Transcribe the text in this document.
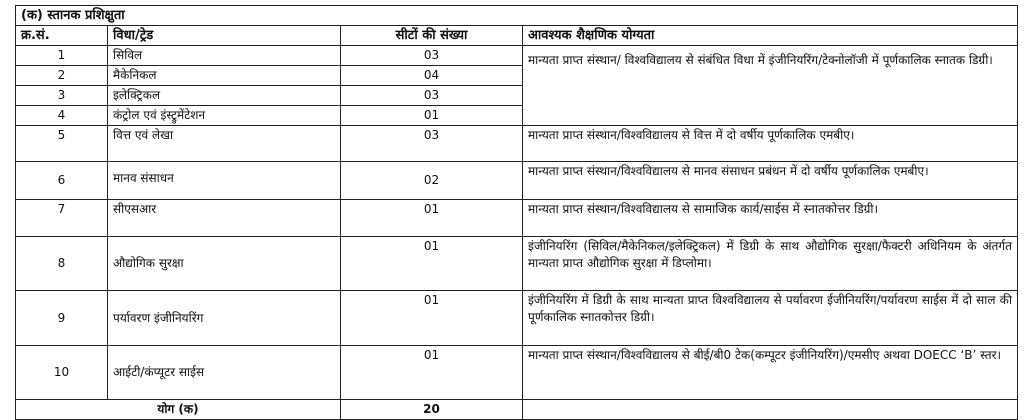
(क) स्तानक प्रशिक्षुता			
क्र.सं.	विधा/ट्रेड	सीटों की संख्या	आवश्यक शैक्षणिक योग्यता
1	सिविल	03	मान्यता प्राप्त संस्थान/ विश्वविद्यालय से संबंधित विधा में इंजीनियरिंग/टेक्नोलॉजी में पूर्णकालिक स्नातक डिग्री।
2	मैकेनिकल	04	
3	इलेक्ट्रिकल	03	
4	कंट्रोल एवं इंस्ट्रुमेंटेशन	01	
5	वित्त एवं लेखा	03	मान्यता प्राप्त संस्थान/विश्वविद्यालय से वित्त में दो वर्षीय पूर्णकालिक एमबीए।
6	मानव संसाधन	02	मान्यता प्राप्त संस्थान/विश्वविद्यालय से मानव संसाधन प्रबंधन में दो वर्षीय पूर्णकालिक एमबीए।
7	सीएसआर	01	मान्यता प्राप्त संस्थान/विश्वविद्यालय से सामाजिक कार्य/साईस में स्नातकोत्तर डिग्री।
8	औद्योगिक सुरक्षा	01	इंजीनियरिंग (सिविल/मैकेनिकल/इलेक्ट्रिकल) में डिग्री के साथ औद्योगिक सुरक्षा/फैक्टरी अधिनियम के अंतर्गत मान्यता प्राप्त औद्योगिक सुरक्षा में डिप्लोमा।
9	पर्यावरण इंजीनियरिंग	01	इंजीनियरिंग में डिग्री के साथ मान्यता प्राप्त विश्वविद्यालय से पर्यावरण ईजीनियरिंग/पर्यावरण साईस में दो साल की पूर्णकालिक स्नातकोत्तर डिग्री।
10	आईटी/कंप्यूटर साईस	01	मान्यता प्राप्त संस्थान/विश्वविद्यालय से बीई/बी0 टेक(कम्पूटर इंजीनियरिंग)/एमसीए अथवा DOECC ‘B’ स्तर।
योग (क)		20	
